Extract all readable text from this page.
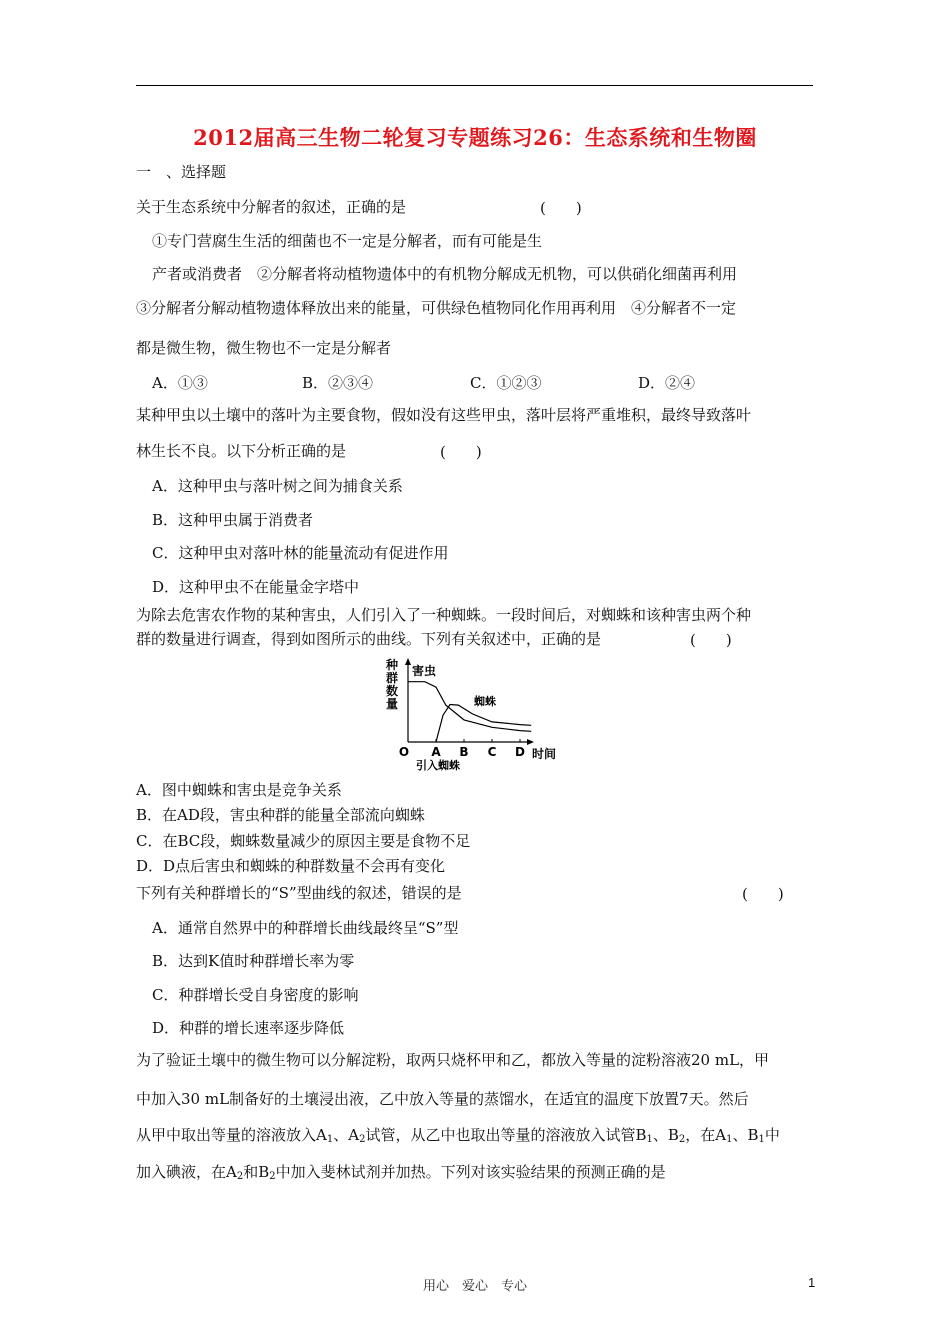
2012届高三生物二轮复习专题练习26：生态系统和生物圈
一　、选择题
关于生态系统中分解者的叙述，正确的是	(　　)
①专门营腐生生活的细菌也不一定是分解者，而有可能是生
产者或消费者　②分解者将动植物遗体中的有机物分解成无机物，可以供硝化细菌再利用
③分解者分解动植物遗体释放出来的能量，可供绿色植物同化作用再利用　④分解者不一定
都是微生物，微生物也不一定是分解者
A．①③	B．②③④	C．①②③	D．②④
某种甲虫以土壤中的落叶为主要食物，假如没有这些甲虫，落叶层将严重堆积，最终导致落叶
林生长不良。以下分析正确的是	(　　)
A．这种甲虫与落叶树之间为捕食关系
B．这种甲虫属于消费者
C．这种甲虫对落叶林的能量流动有促进作用
D．这种甲虫不在能量金字塔中
为除去危害农作物的某种害虫，人们引入了一种蜘蛛。一段时间后，对蜘蛛和该种害虫两个种
群的数量进行调查，得到如图所示的曲线。下列有关叙述中，正确的是	(　　)
种
群
数
量
O A B C D
害虫
蜘蛛
时间
引入蜘蛛
A．图中蜘蛛和害虫是竞争关系
B．在AD段，害虫种群的能量全部流向蜘蛛
C．在BC段，蜘蛛数量减少的原因主要是食物不足
D．D点后害虫和蜘蛛的种群数量不会再有变化
下列有关种群增长的“S”型曲线的叙述，错误的是	(　　)
A．通常自然界中的种群增长曲线最终呈“S”型
B．达到K值时种群增长率为零
C．种群增长受自身密度的影响
D．种群的增长速率逐步降低
为了验证土壤中的微生物可以分解淀粉，取两只烧杯甲和乙，都放入等量的淀粉溶液20 mL，甲
中加入30 mL制备好的土壤浸出液，乙中放入等量的蒸馏水，在适宜的温度下放置7天。然后
从甲中取出等量的溶液放入$A_1$、$A_2$试管，从乙中也取出等量的溶液放入试管$B_1$、$B_2$，在$A_1$、$B_1$中
加入碘液，在$A_2$和$B_2$中加入斐林试剂并加热。下列对该实验结果的预测正确的是
用心　爱心　专心	1
